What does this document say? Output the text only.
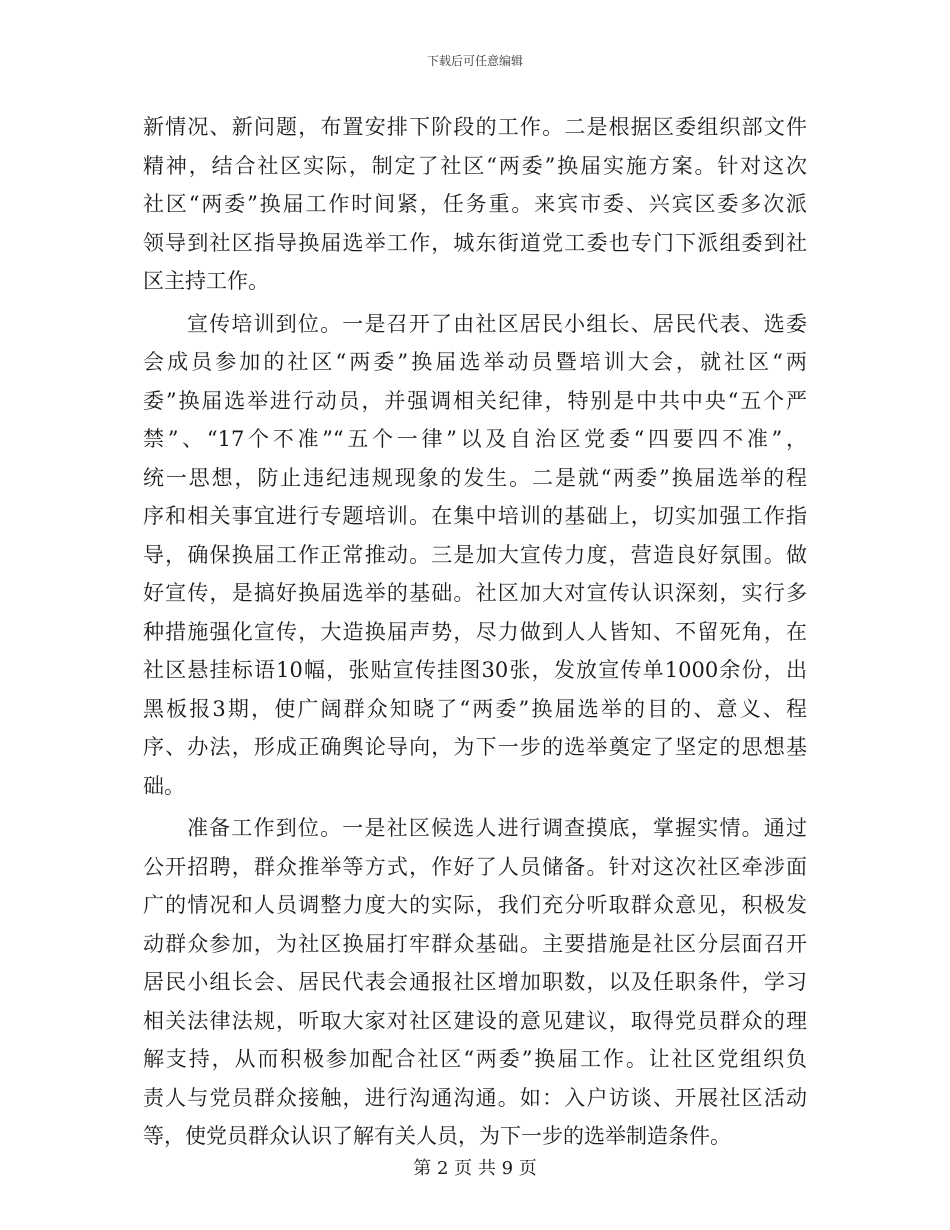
下载后可任意编辑
新情况、新问题，布置安排下阶段的工作。二是根据区委组织部文件
精神，结合社区实际，制定了社区“两委”换届实施方案。针对这次
社区“两委”换届工作时间紧，任务重。来宾市委、兴宾区委多次派
领导到社区指导换届选举工作，城东街道党工委也专门下派组委到社
区主持工作。
宣传培训到位。一是召开了由社区居民小组长、居民代表、选委
会成员参加的社区“两委”换届选举动员暨培训大会，就社区“两
委”换届选举进行动员，并强调相关纪律，特别是中共中央“五个严
禁”、“17个不准”“五个一律”以及自治区党委“四要四不准”，
统一思想，防止违纪违规现象的发生。二是就“两委”换届选举的程
序和相关事宜进行专题培训。在集中培训的基础上，切实加强工作指
导，确保换届工作正常推动。三是加大宣传力度，营造良好氛围。做
好宣传，是搞好换届选举的基础。社区加大对宣传认识深刻，实行多
种措施强化宣传，大造换届声势，尽力做到人人皆知、不留死角，在
社区悬挂标语10幅，张贴宣传挂图30张，发放宣传单1000余份，出
黑板报3期，使广阔群众知晓了“两委”换届选举的目的、意义、程
序、办法，形成正确舆论导向，为下一步的选举奠定了坚定的思想基
础。
准备工作到位。一是社区候选人进行调查摸底，掌握实情。通过
公开招聘，群众推举等方式，作好了人员储备。针对这次社区牵涉面
广的情况和人员调整力度大的实际，我们充分听取群众意见，积极发
动群众参加，为社区换届打牢群众基础。主要措施是社区分层面召开
居民小组长会、居民代表会通报社区增加职数，以及任职条件，学习
相关法律法规，听取大家对社区建设的意见建议，取得党员群众的理
解支持，从而积极参加配合社区“两委”换届工作。让社区党组织负
责人与党员群众接触，进行沟通沟通。如：入户访谈、开展社区活动
等，使党员群众认识了解有关人员，为下一步的选举制造条件。
第 2 页 共 9 页
